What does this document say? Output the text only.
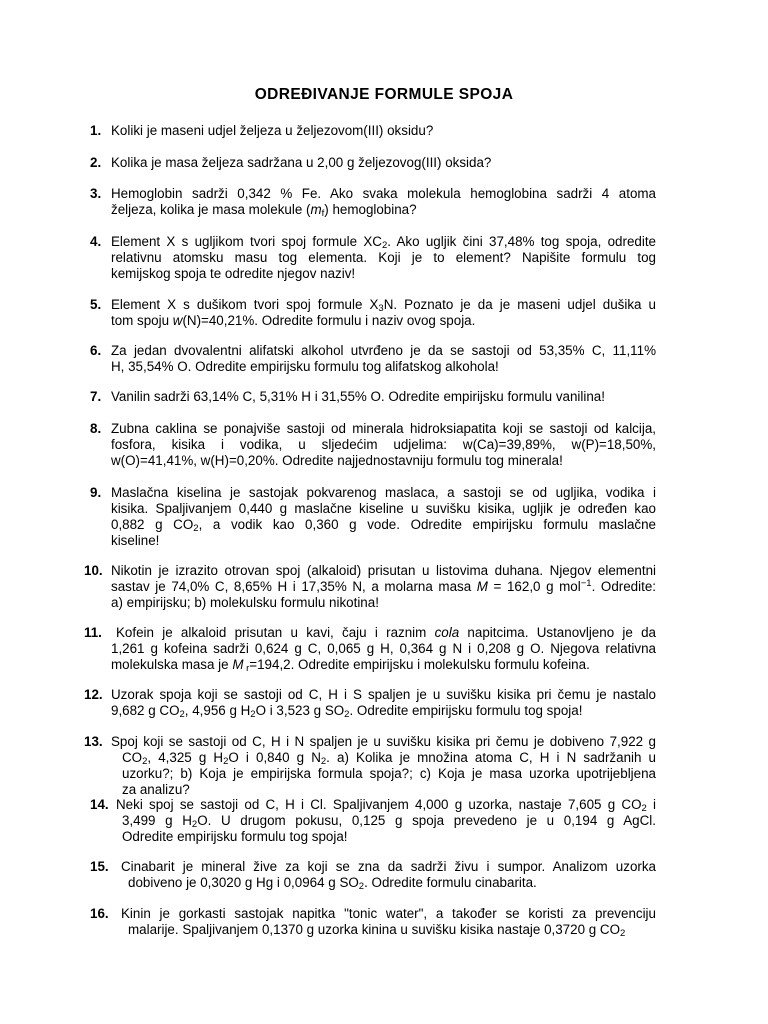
ODREĐIVANJE FORMULE SPOJA
1. Koliki je maseni udjel željeza u željezovom(III) oksidu?
2. Kolika je masa željeza sadržana u 2,00 g željezovog(III) oksida?
3. Hemoglobin sadrži 0,342 % Fe. Ako svaka molekula hemoglobina sadrži 4 atoma
željeza, kolika je masa molekule $(m_f)$ hemoglobina?
4. Element X s ugljikom tvori spoj formule $XC_2$. Ako ugljik čini 37,48% tog spoja, odredite
relativnu atomsku masu tog elementa. Koji je to element? Napišite formulu tog
kemijskog spoja te odredite njegov naziv!
5. Element X s dušikom tvori spoj formule $X_3N$. Poznato je da je maseni udjel dušika u
tom spoju w(N)=40,21%. Odredite formulu i naziv ovog spoja.
6. Za jedan dvovalentni alifatski alkohol utvrđeno je da se sastoji od 53,35% C, 11,11%
H, 35,54% O. Odredite empirijsku formulu tog alifatskog alkohola!
7. Vanilin sadrži 63,14% C, 5,31% H i 31,55% O. Odredite empirijsku formulu vanilina!
8. Zubna caklina se ponajviše sastoji od minerala hidroksiapatita koji se sastoji od kalcija,
fosfora, kisika i vodika, u sljedećim udjelima: w(Ca)=39,89%, w(P)=18,50%,
w(O)=41,41%, w(H)=0,20%. Odredite najjednostavniju formulu tog minerala!
9. Maslačna kiselina je sastojak pokvarenog maslaca, a sastoji se od ugljika, vodika i
kisika. Spaljivanjem 0,440 g maslačne kiseline u suvišku kisika, ugljik je određen kao
0,882 g $CO_2$, a vodik kao 0,360 g vode. Odredite empirijsku formulu maslačne
kiseline!
10. Nikotin je izrazito otrovan spoj (alkaloid) prisutan u listovima duhana. Njegov elementni
sastav je 74,0% C, 8,65% H i 17,35% N, a molarna masa M = 162,0 g mol$^{-1}$. Odredite:
a) empirijsku; b) molekulsku formulu nikotina!
11. Kofein je alkaloid prisutan u kavi, čaju i raznim cola napitcima. Ustanovljeno je da
1,261 g kofeina sadrži 0,624 g C, 0,065 g H, 0,364 g N i 0,208 g O. Njegova relativna
molekulska masa je M $_r$=194,2. Odredite empirijsku i molekulsku formulu kofeina.
12. Uzorak spoja koji se sastoji od C, H i S spaljen je u suvišku kisika pri čemu je nastalo
9,682 g $CO_2$, 4,956 g $H_2O$ i 3,523 g $SO_2$. Odredite empirijsku formulu tog spoja!
13. Spoj koji se sastoji od C, H i N spaljen je u suvišku kisika pri čemu je dobiveno 7,922 g
$CO_2$, 4,325 g $H_2O$ i 0,840 g $N_2$. a) Kolika je množina atoma C, H i N sadržanih u
uzorku?; b) Koja je empirijska formula spoja?; c) Koja je masa uzorka upotrijebljena
za analizu?
14. Neki spoj se sastoji od C, H i Cl. Spaljivanjem 4,000 g uzorka, nastaje 7,605 g $CO_2$ i
3,499 g $H_2O$. U drugom pokusu, 0,125 g spoja prevedeno je u 0,194 g AgCl.
Odredite empirijsku formulu tog spoja!
15. Cinabarit je mineral žive za koji se zna da sadrži živu i sumpor. Analizom uzorka
dobiveno je 0,3020 g Hg i 0,0964 g $SO_2$. Odredite formulu cinabarita.
16. Kinin je gorkasti sastojak napitka "tonic water", a također se koristi za prevenciju
malarije. Spaljivanjem 0,1370 g uzorka kinina u suvišku kisika nastaje 0,3720 g $CO_2$
